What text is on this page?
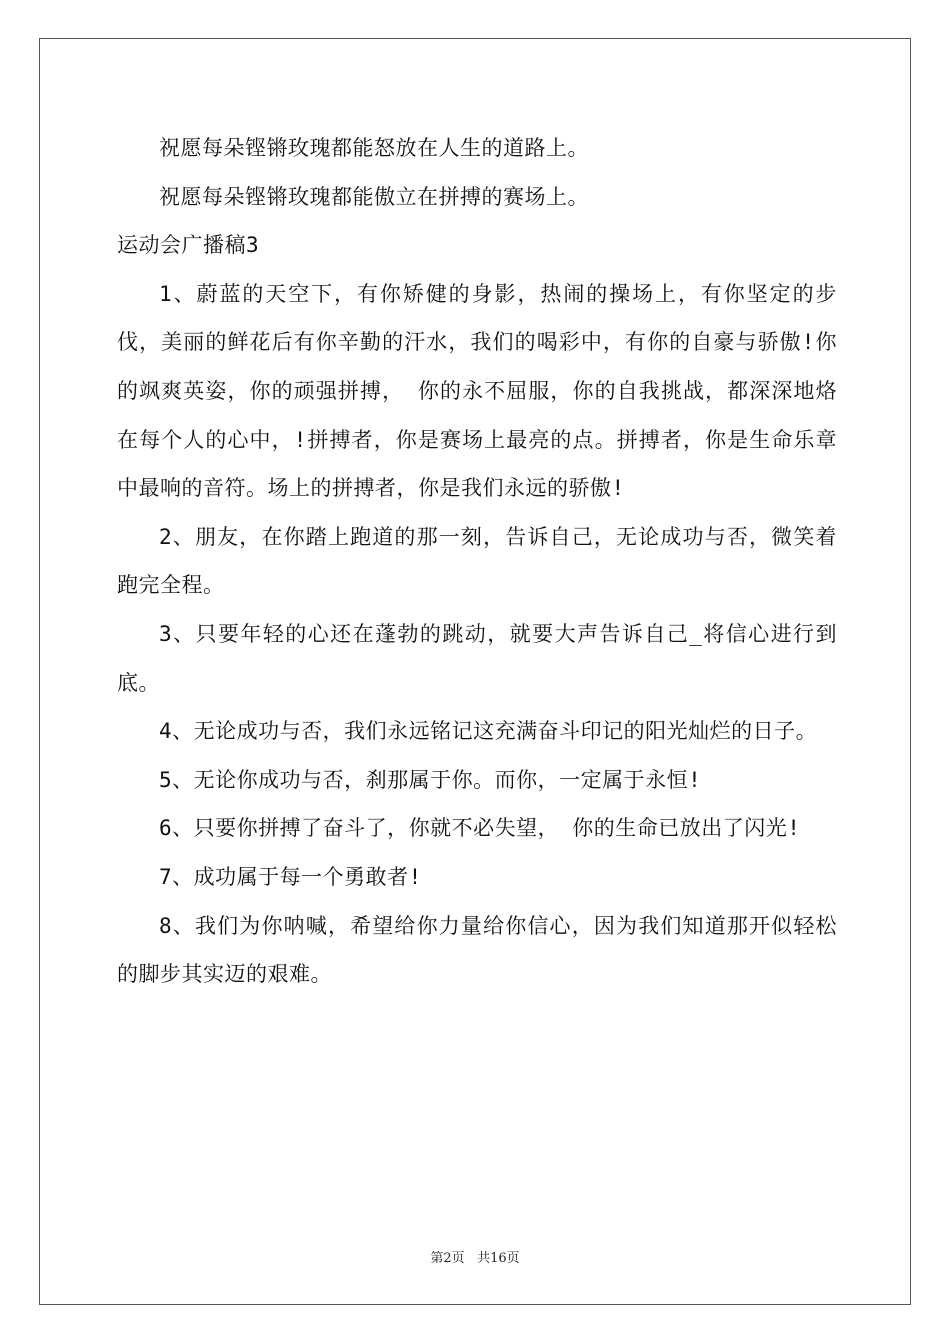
祝愿每朵铿锵玫瑰都能怒放在人生的道路上。

祝愿每朵铿锵玫瑰都能傲立在拼搏的赛场上。

运动会广播稿3

1、蔚蓝的天空下，有你矫健的身影，热闹的操场上，有你坚定的步伐，美丽的鲜花后有你辛勤的汗水，我们的喝彩中，有你的自豪与骄傲!你的飒爽英姿，你的顽强拼搏， 你的永不屈服，你的自我挑战，都深深地烙在每个人的心中，!拼搏者，你是赛场上最亮的点。拼搏者，你是生命乐章中最响的音符。场上的拼搏者，你是我们永远的骄傲!

2、朋友，在你踏上跑道的那一刻，告诉自己，无论成功与否，微笑着跑完全程。

3、只要年轻的心还在蓬勃的跳动，就要大声告诉自己_将信心进行到底。

4、无论成功与否，我们永远铭记这充满奋斗印记的阳光灿烂的日子。

5、无论你成功与否，刹那属于你。而你，一定属于永恒!

6、只要你拼搏了奋斗了，你就不必失望， 你的生命已放出了闪光!

7、成功属于每一个勇敢者!

8、我们为你呐喊，希望给你力量给你信心，因为我们知道那开似轻松的脚步其实迈的艰难。

第2页 共16页
